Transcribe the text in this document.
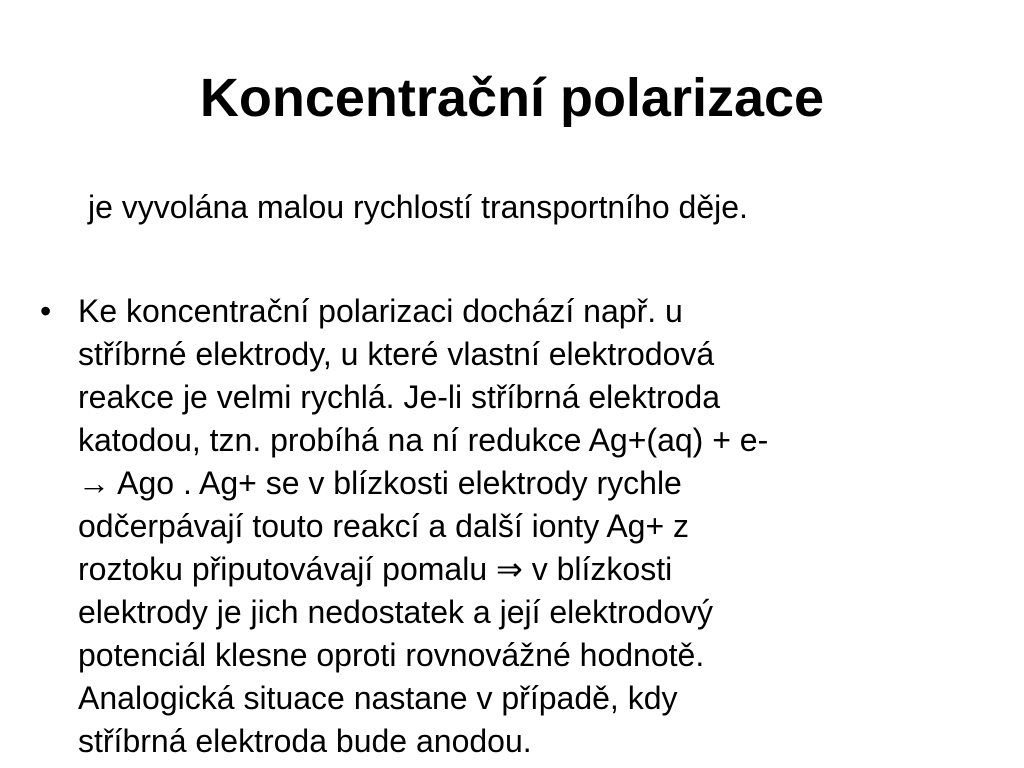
Koncentrační polarizace

je vyvolána malou rychlostí transportního děje.

• Ke koncentrační polarizaci dochází např. u
stříbrné elektrody, u které vlastní elektrodová
reakce je velmi rychlá. Je-li stříbrná elektroda
katodou, tzn. probíhá na ní redukce Ag+(aq) + e-
→ Ago . Ag+ se v blízkosti elektrody rychle
odčerpávají touto reakcí a další ionty Ag+ z
roztoku připutovávají pomalu ⇒ v blízkosti
elektrody je jich nedostatek a její elektrodový
potenciál klesne oproti rovnovážné hodnotě.
Analogická situace nastane v případě, kdy
stříbrná elektroda bude anodou.
